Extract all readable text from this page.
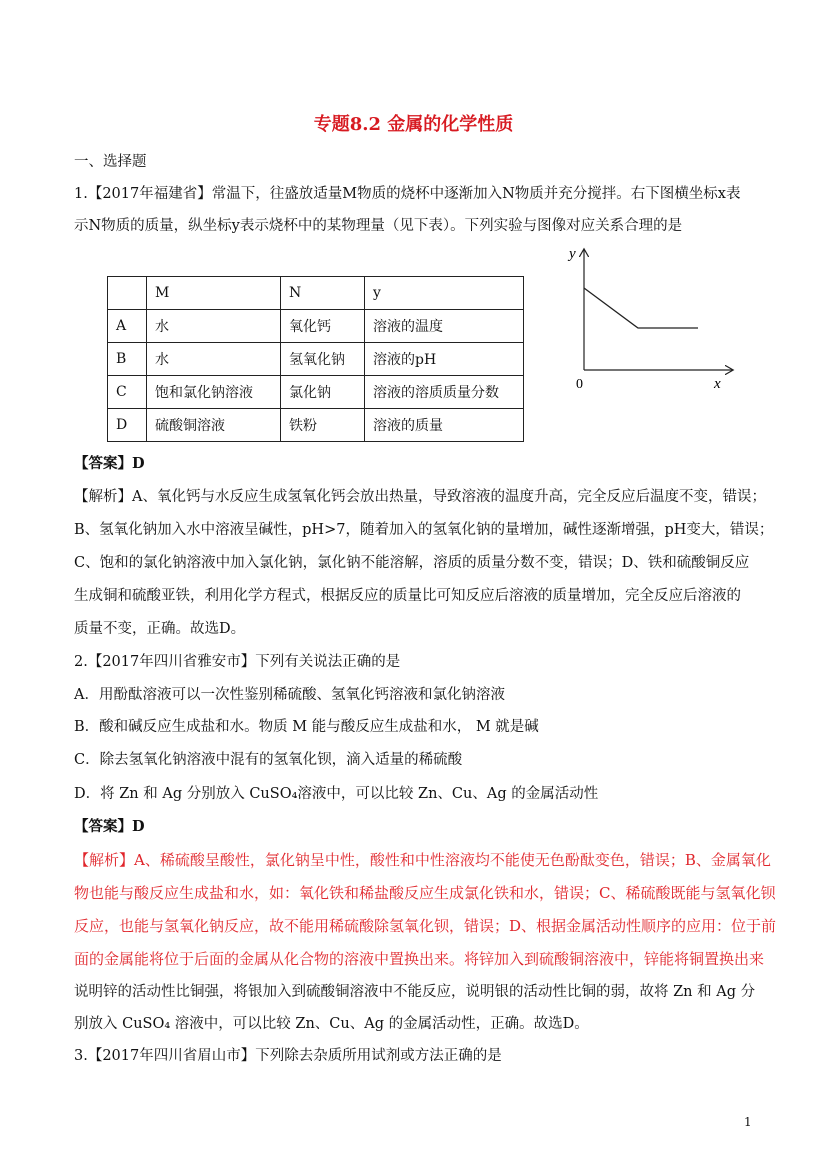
专题8.2 金属的化学性质
一、选择题
1.【2017年福建省】常温下，往盛放适量M物质的烧杯中逐渐加入N物质并充分搅拌。右下图横坐标x表
示N物质的质量，纵坐标y表示烧杯中的某物理量（见下表）。下列实验与图像对应关系合理的是
	M	N	y
A	水	氧化钙	溶液的温度
B	水	氢氧化钠	溶液的pH
C	饱和氯化钠溶液	氯化钠	溶液的溶质质量分数
D	硫酸铜溶液	铁粉	溶液的质量
y
x
0
【答案】D
【解析】A、氧化钙与水反应生成氢氧化钙会放出热量，导致溶液的温度升高，完全反应后温度不变，错误；
B、氢氧化钠加入水中溶液呈碱性，pH>7，随着加入的氢氧化钠的量增加，碱性逐渐增强，pH变大，错误；
C、饱和的氯化钠溶液中加入氯化钠，氯化钠不能溶解，溶质的质量分数不变，错误；D、铁和硫酸铜反应
生成铜和硫酸亚铁，利用化学方程式，根据反应的质量比可知反应后溶液的质量增加，完全反应后溶液的
质量不变，正确。故选D。
2.【2017年四川省雅安市】下列有关说法正确的是
A．用酚酞溶液可以一次性鉴别稀硫酸、氢氧化钙溶液和氯化钠溶液
B．酸和碱反应生成盐和水。物质 M 能与酸反应生成盐和水， M 就是碱
C．除去氢氧化钠溶液中混有的氢氧化钡，滴入适量的稀硫酸
D．将 Zn 和 Ag 分别放入 CuSO₄溶液中，可以比较 Zn、Cu、Ag 的金属活动性
【答案】D
【解析】A、稀硫酸呈酸性，氯化钠呈中性，酸性和中性溶液均不能使无色酚酞变色，错误；B、金属氧化
物也能与酸反应生成盐和水，如：氧化铁和稀盐酸反应生成氯化铁和水，错误；C、稀硫酸既能与氢氧化钡
反应，也能与氢氧化钠反应，故不能用稀硫酸除氢氧化钡，错误；D、根据金属活动性顺序的应用：位于前
面的金属能将位于后面的金属从化合物的溶液中置换出来。将锌加入到硫酸铜溶液中，锌能将铜置换出来
说明锌的活动性比铜强，将银加入到硫酸铜溶液中不能反应，说明银的活动性比铜的弱，故将 Zn 和 Ag 分
别放入 CuSO₄ 溶液中，可以比较 Zn、Cu、Ag 的金属活动性，正确。故选D。
3.【2017年四川省眉山市】下列除去杂质所用试剂或方法正确的是
1
